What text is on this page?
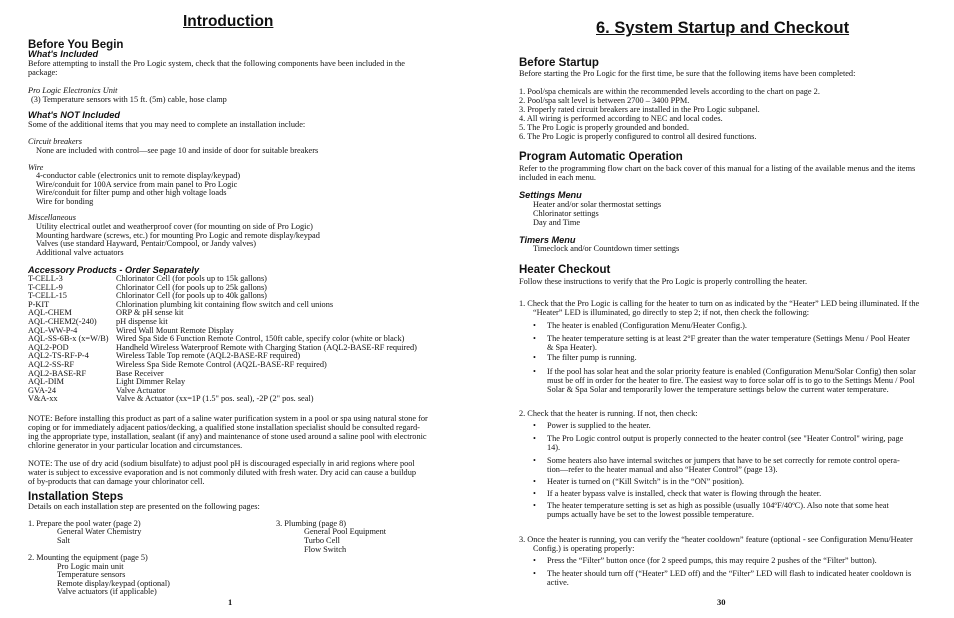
Introduction
Before You Begin
What's Included
Before attempting to install the Pro Logic system, check that the following components have been included in the
package:
Pro Logic Electronics Unit
(3) Temperature sensors with 15 ft. (5m) cable, hose clamp
What's NOT Included
Some of the additional items that you may need to complete an installation include:
Circuit breakers
None are included with control—see page 10 and inside of door for suitable breakers
Wire
4-conductor cable (electronics unit to remote display/keypad)
Wire/conduit for 100A service from main panel to Pro Logic
Wire/conduit for filter pump and other high voltage loads
Wire for bonding
Miscellaneous
Utility electrical outlet and weatherproof cover (for mounting on side of Pro Logic)
Mounting hardware (screws, etc.) for mounting Pro Logic and remote display/keypad
Valves (use standard Hayward, Pentair/Compool, or Jandy valves)
Additional valve actuators
Accessory Products - Order Separately
T-CELL-3	Chlorinator Cell (for pools up to 15k gallons)
T-CELL-9	Chlorinator Cell (for pools up to 25k gallons)
T-CELL-15	Chlorinator Cell (for pools up to 40k gallons)
P-KIT	Chlorination plumbing kit containing flow switch and cell unions
AQL-CHEM	ORP & pH sense kit
AQL-CHEM2(-240) pH dispense kit
AQL-WW-P-4	Wired Wall Mount Remote Display
AQL-SS-6B-x (x=W/B) Wired Spa Side 6 Function Remote Control, 150ft cable, specify color (white or black)
AQL2-POD	Handheld Wireless Waterproof Remote with Charging Station (AQL2-BASE-RF required)
AQL2-TS-RF-P-4	Wireless Table Top remote (AQL2-BASE-RF required)
AQL2-SS-RF	Wireless Spa Side Remote Control (AQ2L-BASE-RF required)
AQL2-BASE-RF	Base Receiver
AQL-DIM	Light Dimmer Relay
GVA-24	Valve Actuator
V&A-xx	Valve & Actuator (xx=1P (1.5" pos. seal), -2P (2" pos. seal)
NOTE: Before installing this product as part of a saline water purification system in a pool or spa using natural stone for
coping or for immediately adjacent patios/decking, a qualified stone installation specialist should be consulted regard-
ing the appropriate type, installation, sealant (if any) and maintenance of stone used around a saline pool with electronic
chlorine generator in your particular location and circumstances.
NOTE: The use of dry acid (sodium bisulfate) to adjust pool pH is discouraged especially in arid regions where pool
water is subject to excessive evaporation and is not commonly diluted with fresh water. Dry acid can cause a buildup
of by-products that can damage your chlorinator cell.
Installation Steps
Details on each installation step are presented on the following pages:
1. Prepare the pool water (page 2)
General Water Chemistry
Salt
2. Mounting the equipment (page 5)
Pro Logic main unit
Temperature sensors
Remote display/keypad (optional)
Valve actuators (if applicable)
3. Plumbing (page 8)
General Pool Equipment
Turbo Cell
Flow Switch
1
6. System Startup and Checkout
Before Startup
Before starting the Pro Logic for the first time, be sure that the following items have been completed:
1. Pool/spa chemicals are within the recommended levels according to the chart on page 2.
2. Pool/spa salt level is between 2700 – 3400 PPM.
3. Properly rated circuit breakers are installed in the Pro Logic subpanel.
4. All wiring is performed according to NEC and local codes.
5. The Pro Logic is properly grounded and bonded.
6. The Pro Logic is properly configured to control all desired functions.
Program Automatic Operation
Refer to the programming flow chart on the back cover of this manual for a listing of the available menus and the items
included in each menu.
Settings Menu
Heater and/or solar thermostat settings
Chlorinator settings
Day and Time
Timers Menu
Timeclock and/or Countdown timer settings
Heater Checkout
Follow these instructions to verify that the Pro Logic is properly controlling the heater.
1. Check that the Pro Logic is calling for the heater to turn on as indicated by the “Heater” LED being illuminated. If the
“Heater” LED is illuminated, go directly to step 2; if not, then check the following:
• The heater is enabled (Configuration Menu/Heater Config.).
• The heater temperature setting is at least 2°F greater than the water temperature (Settings Menu / Pool Heater
& Spa Heater).
• The filter pump is running.
• If the pool has solar heat and the solar priority feature is enabled (Configuration Menu/Solar Config) then solar
must be off in order for the heater to fire. The easiest way to force solar off is to go to the Settings Menu / Pool
Solar & Spa Solar and temporarily lower the temperature settings below the current water temperature.
2. Check that the heater is running. If not, then check:
• Power is supplied to the heater.
• The Pro Logic control output is properly connected to the heater control (see "Heater Control" wiring, page
14).
• Some heaters also have internal switches or jumpers that have to be set correctly for remote control opera-
tion—refer to the heater manual and also “Heater Control” (page 13).
• Heater is turned on (“Kill Switch” is in the “ON” position).
• If a heater bypass valve is installed, check that water is flowing through the heater.
• The heater temperature setting is set as high as possible (usually 104ºF/40ºC). Also note that some heat
pumps actually have be set to the lowest possible temperature.
3. Once the heater is running, you can verify the “heater cooldown” feature (optional - see Configuration Menu/Heater
Config.) is operating properly:
• Press the “Filter” button once (for 2 speed pumps, this may require 2 pushes of the “Filter” button).
• The heater should turn off (“Heater” LED off) and the “Filter” LED will flash to indicated heater cooldown is
active.
30
